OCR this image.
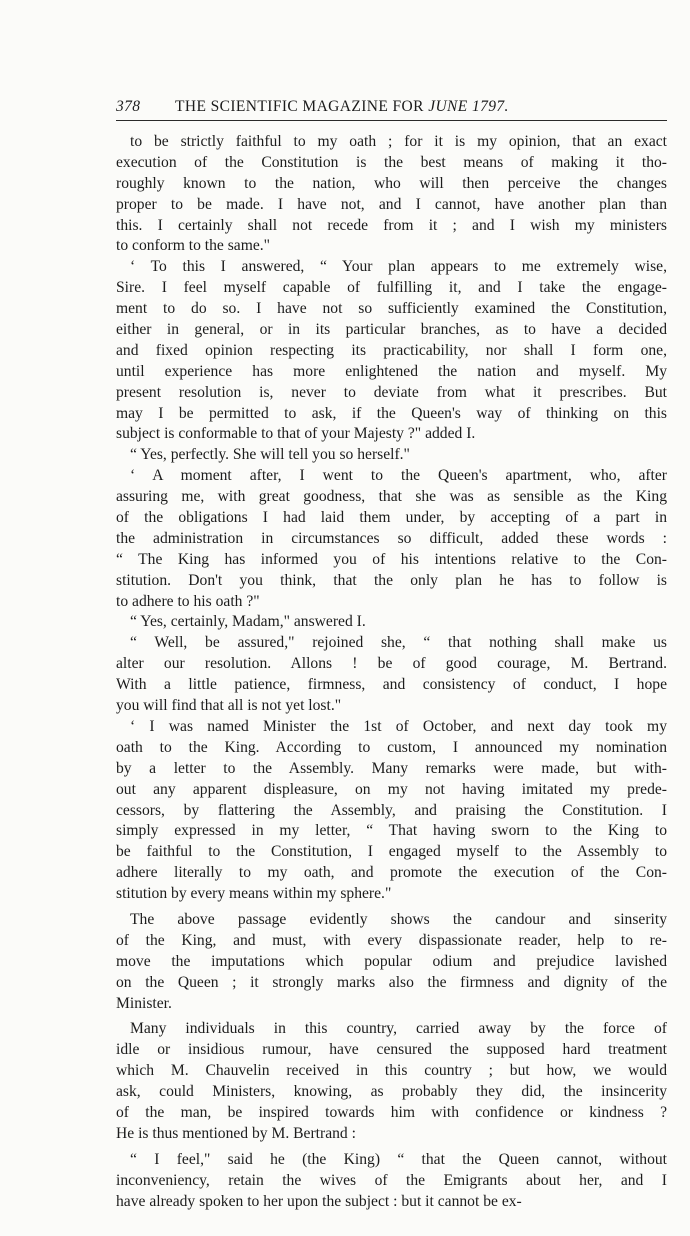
378 THE SCIENTIFIC MAGAZINE FOR JUNE 1797.
to be strictly faithful to my oath ; for it is my opinion, that an exact
execution of the Constitution is the best means of making it tho-
roughly known to the nation, who will then perceive the changes
proper to be made. I have not, and I cannot, have another plan than
this. I certainly shall not recede from it ; and I wish my ministers
to conform to the same."
‘ To this I answered, “ Your plan appears to me extremely wise,
Sire. I feel myself capable of fulfilling it, and I take the engage-
ment to do so. I have not so sufficiently examined the Constitution,
either in general, or in its particular branches, as to have a decided
and fixed opinion respecting its practicability, nor shall I form one,
until experience has more enlightened the nation and myself. My
present resolution is, never to deviate from what it prescribes. But
may I be permitted to ask, if the Queen's way of thinking on this
subject is conformable to that of your Majesty ?" added I.
“ Yes, perfectly. She will tell you so herself."
‘ A moment after, I went to the Queen's apartment, who, after
assuring me, with great goodness, that she was as sensible as the King
of the obligations I had laid them under, by accepting of a part in
the administration in circumstances so difficult, added these words :
“ The King has informed you of his intentions relative to the Con-
stitution. Don't you think, that the only plan he has to follow is
to adhere to his oath ?"
“ Yes, certainly, Madam," answered I.
“ Well, be assured," rejoined she, “ that nothing shall make us
alter our resolution. Allons ! be of good courage, M. Bertrand.
With a little patience, firmness, and consistency of conduct, I hope
you will find that all is not yet lost."
‘ I was named Minister the 1st of October, and next day took my
oath to the King. According to custom, I announced my nomination
by a letter to the Assembly. Many remarks were made, but with-
out any apparent displeasure, on my not having imitated my prede-
cessors, by flattering the Assembly, and praising the Constitution. I
simply expressed in my letter, “ That having sworn to the King to
be faithful to the Constitution, I engaged myself to the Assembly to
adhere literally to my oath, and promote the execution of the Con-
stitution by every means within my sphere."
The above passage evidently shows the candour and sinserity
of the King, and must, with every dispassionate reader, help to re-
move the imputations which popular odium and prejudice lavished
on the Queen ; it strongly marks also the firmness and dignity of the
Minister.
Many individuals in this country, carried away by the force of
idle or insidious rumour, have censured the supposed hard treatment
which M. Chauvelin received in this country ; but how, we would
ask, could Ministers, knowing, as probably they did, the insincerity
of the man, be inspired towards him with confidence or kindness ?
He is thus mentioned by M. Bertrand :
“ I feel," said he (the King) “ that the Queen cannot, without
inconveniency, retain the wives of the Emigrants about her, and I
have already spoken to her upon the subject : but it cannot be ex-
